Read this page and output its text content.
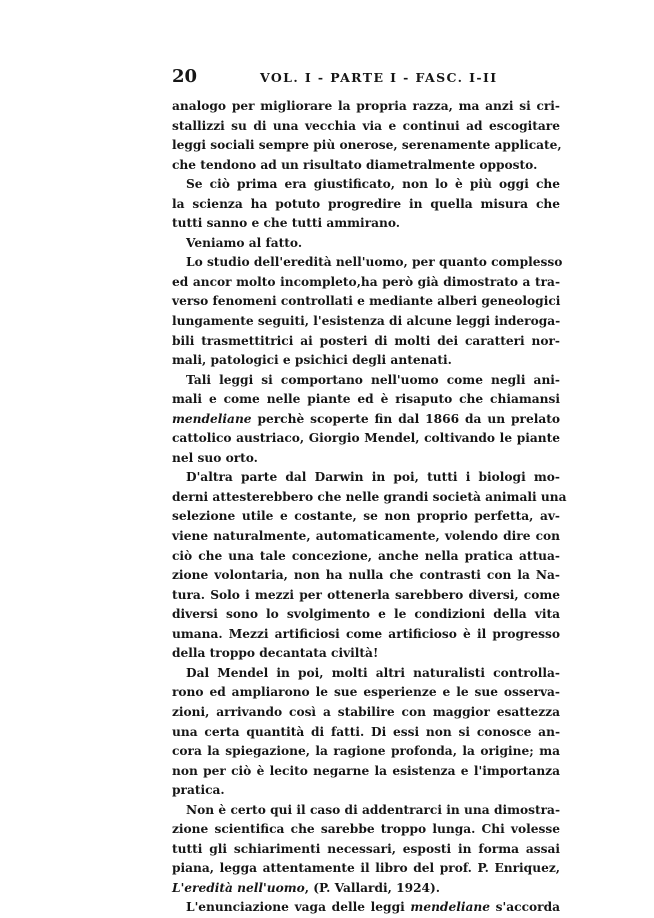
20	VOL. I - PARTE I - FASC. I-II

analogo per migliorare la propria razza, ma anzi si cri-
stallizzi su di una vecchia via e continui ad escogitare
leggi sociali sempre più onerose, serenamente applicate,
che tendono ad un risultato diametralmente opposto.

Se ciò prima era giustificato, non lo è più oggi che
la scienza ha potuto progredire in quella misura che
tutti sanno e che tutti ammirano.

Veniamo al fatto.

Lo studio dell'eredità nell'uomo, per quanto complesso
ed ancor molto incompleto,ha però già dimostrato a tra-
verso fenomeni controllati e mediante alberi geneologici
lungamente seguiti, l'esistenza di alcune leggi inderoga-
bili trasmettitrici ai posteri di molti dei caratteri nor-
mali, patologici e psichici degli antenati.

Tali leggi si comportano nell'uomo come negli ani-
mali e come nelle piante ed è risaputo che chiamansi
mendeliane perchè scoperte fin dal 1866 da un prelato
cattolico austriaco, Giorgio Mendel, coltivando le piante
nel suo orto.

D'altra parte dal Darwin in poi, tutti i biologi mo-
derni attesterebbero che nelle grandi società animali una
selezione utile e costante, se non proprio perfetta, av-
viene naturalmente, automaticamente, volendo dire con
ciò che una tale concezione, anche nella pratica attua-
zione volontaria, non ha nulla che contrasti con la Na-
tura. Solo i mezzi per ottenerla sarebbero diversi, come
diversi sono lo svolgimento e le condizioni della vita
umana. Mezzi artificiosi come artificioso è il progresso
della troppo decantata civiltà!

Dal Mendel in poi, molti altri naturalisti controlla-
rono ed ampliarono le sue esperienze e le sue osserva-
zioni, arrivando così a stabilire con maggior esattezza
una certa quantità di fatti. Di essi non si conosce an-
cora la spiegazione, la ragione profonda, la origine; ma
non per ciò è lecito negarne la esistenza e l'importanza
pratica.

Non è certo qui il caso di addentrarci in una dimostra-
zione scientifica che sarebbe troppo lunga. Chi volesse
tutti gli schiarimenti necessari, esposti in forma assai
piana, legga attentamente il libro del prof. P. Enriquez,
L'eredità nell'uomo, (P. Vallardi, 1924).

L'enunciazione vaga delle leggi mendeliane s'accorda
